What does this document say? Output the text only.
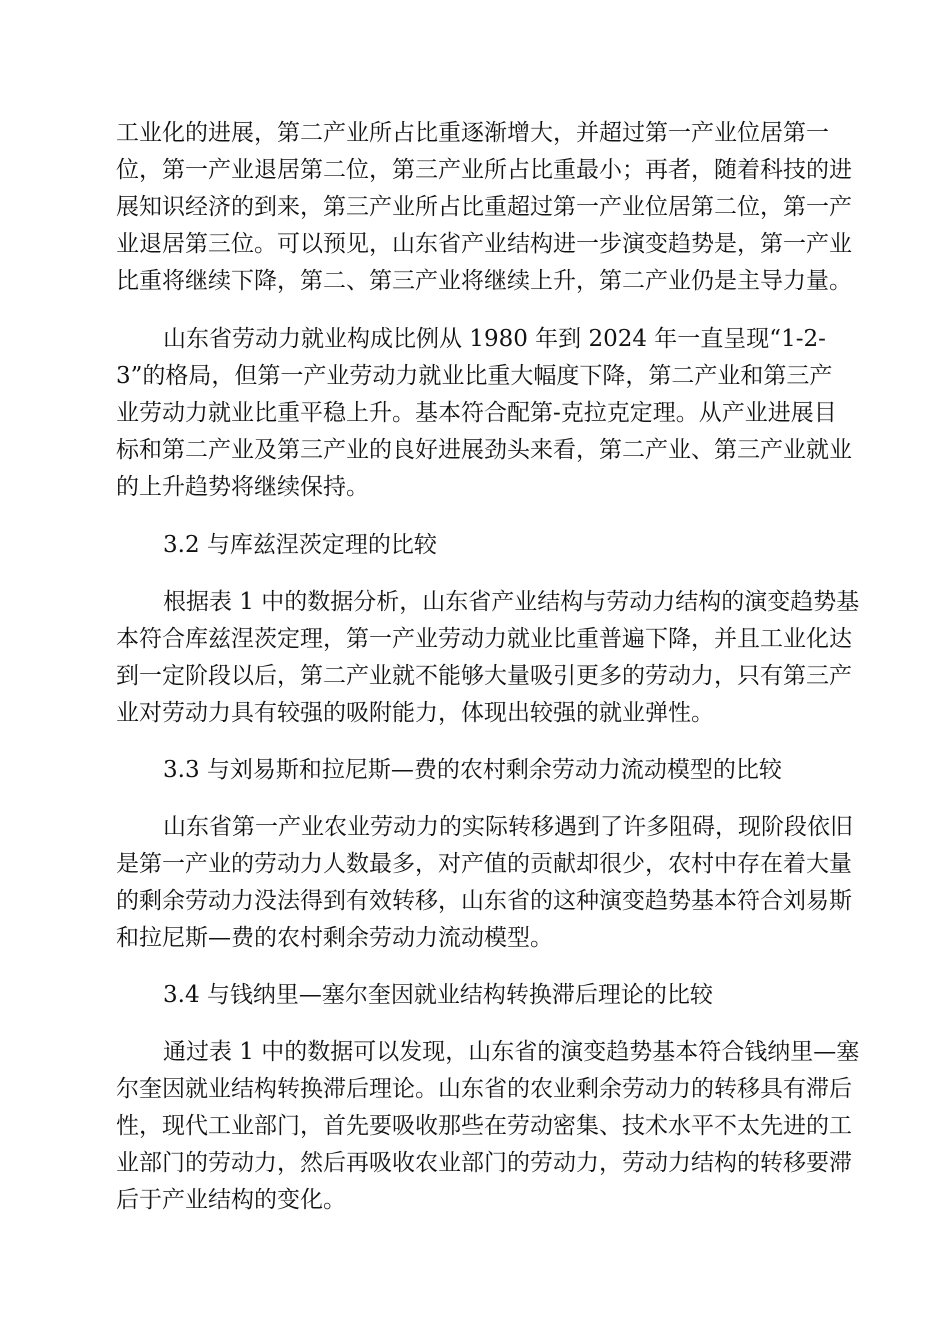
工业化的进展，第二产业所占比重逐渐增大，并超过第一产业位居第一
位，第一产业退居第二位，第三产业所占比重最小；再者，随着科技的进
展知识经济的到来，第三产业所占比重超过第一产业位居第二位，第一产
业退居第三位。可以预见，山东省产业结构进一步演变趋势是，第一产业
比重将继续下降，第二、第三产业将继续上升，第二产业仍是主导力量。
山东省劳动力就业构成比例从 1980 年到 2024 年一直呈现“1-2-
3”的格局，但第一产业劳动力就业比重大幅度下降，第二产业和第三产
业劳动力就业比重平稳上升。基本符合配第-克拉克定理。从产业进展目
标和第二产业及第三产业的良好进展劲头来看，第二产业、第三产业就业
的上升趋势将继续保持。
3.2 与库兹涅茨定理的比较
根据表 1 中的数据分析，山东省产业结构与劳动力结构的演变趋势基
本符合库兹涅茨定理，第一产业劳动力就业比重普遍下降，并且工业化达
到一定阶段以后，第二产业就不能够大量吸引更多的劳动力，只有第三产
业对劳动力具有较强的吸附能力，体现出较强的就业弹性。
3.3 与刘易斯和拉尼斯—费的农村剩余劳动力流动模型的比较
山东省第一产业农业劳动力的实际转移遇到了许多阻碍，现阶段依旧
是第一产业的劳动力人数最多，对产值的贡献却很少，农村中存在着大量
的剩余劳动力没法得到有效转移，山东省的这种演变趋势基本符合刘易斯
和拉尼斯—费的农村剩余劳动力流动模型。
3.4 与钱纳里—塞尔奎因就业结构转换滞后理论的比较
通过表 1 中的数据可以发现，山东省的演变趋势基本符合钱纳里—塞
尔奎因就业结构转换滞后理论。山东省的农业剩余劳动力的转移具有滞后
性，现代工业部门，首先要吸收那些在劳动密集、技术水平不太先进的工
业部门的劳动力，然后再吸收农业部门的劳动力，劳动力结构的转移要滞
后于产业结构的变化。
